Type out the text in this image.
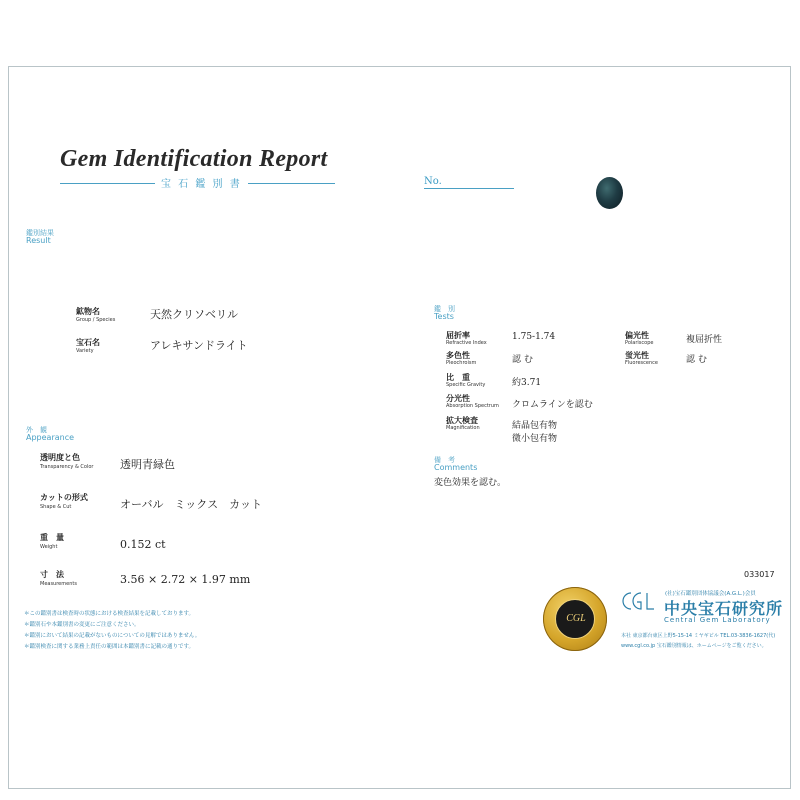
Gem Identification Report
宝 石 鑑 別 書	No.
鑑別結果
Result
鉱物名
Group / Species	天然クリソベリル
宝石名
Variety	アレキサンドライト
外　観
Appearance
透明度と色
Transparency & Color 透明青緑色
カットの形式
Shape & Cut	オーバル　ミックス　カット
重　量
Weight	0.152 ct
寸　法
Measurements	3.56 × 2.72 × 1.97 mm
鑑　別
Tests
屈折率
Refractive Index
1.75-1.74
多色性
Pleochroism	認 む
比　重
Specific Gravity	約3.71
分光性
Absorption Spectrum クロムラインを認む
拡大検査
Magnification	結晶包有物
微小包有物
偏光性
Polariscope	複屈折性
蛍光性
Fluorescence	認 む
備　考
Comments
変色効果を認む。
＊この鑑別書は検査時の状態における検査結果を記載しております。
＊鑑別石や本鑑別書の変更にご注意ください。
＊鑑別において結果の記載がないものについての見解ではありません。
＊鑑別検査に関する業務上責任の範囲は本鑑別書に記載の通りです。
033017
CGL
(社)宝石鑑別団体協議会(A.G.L.)会員
中央宝石研究所
Central Gem Laboratory
本社 東京都台東区上野5-15-14 ミヤギビル TEL.03-3836-1627(代)
www.cgl.co.jp 宝石鑑別情報は、ホームページをご覧ください。
